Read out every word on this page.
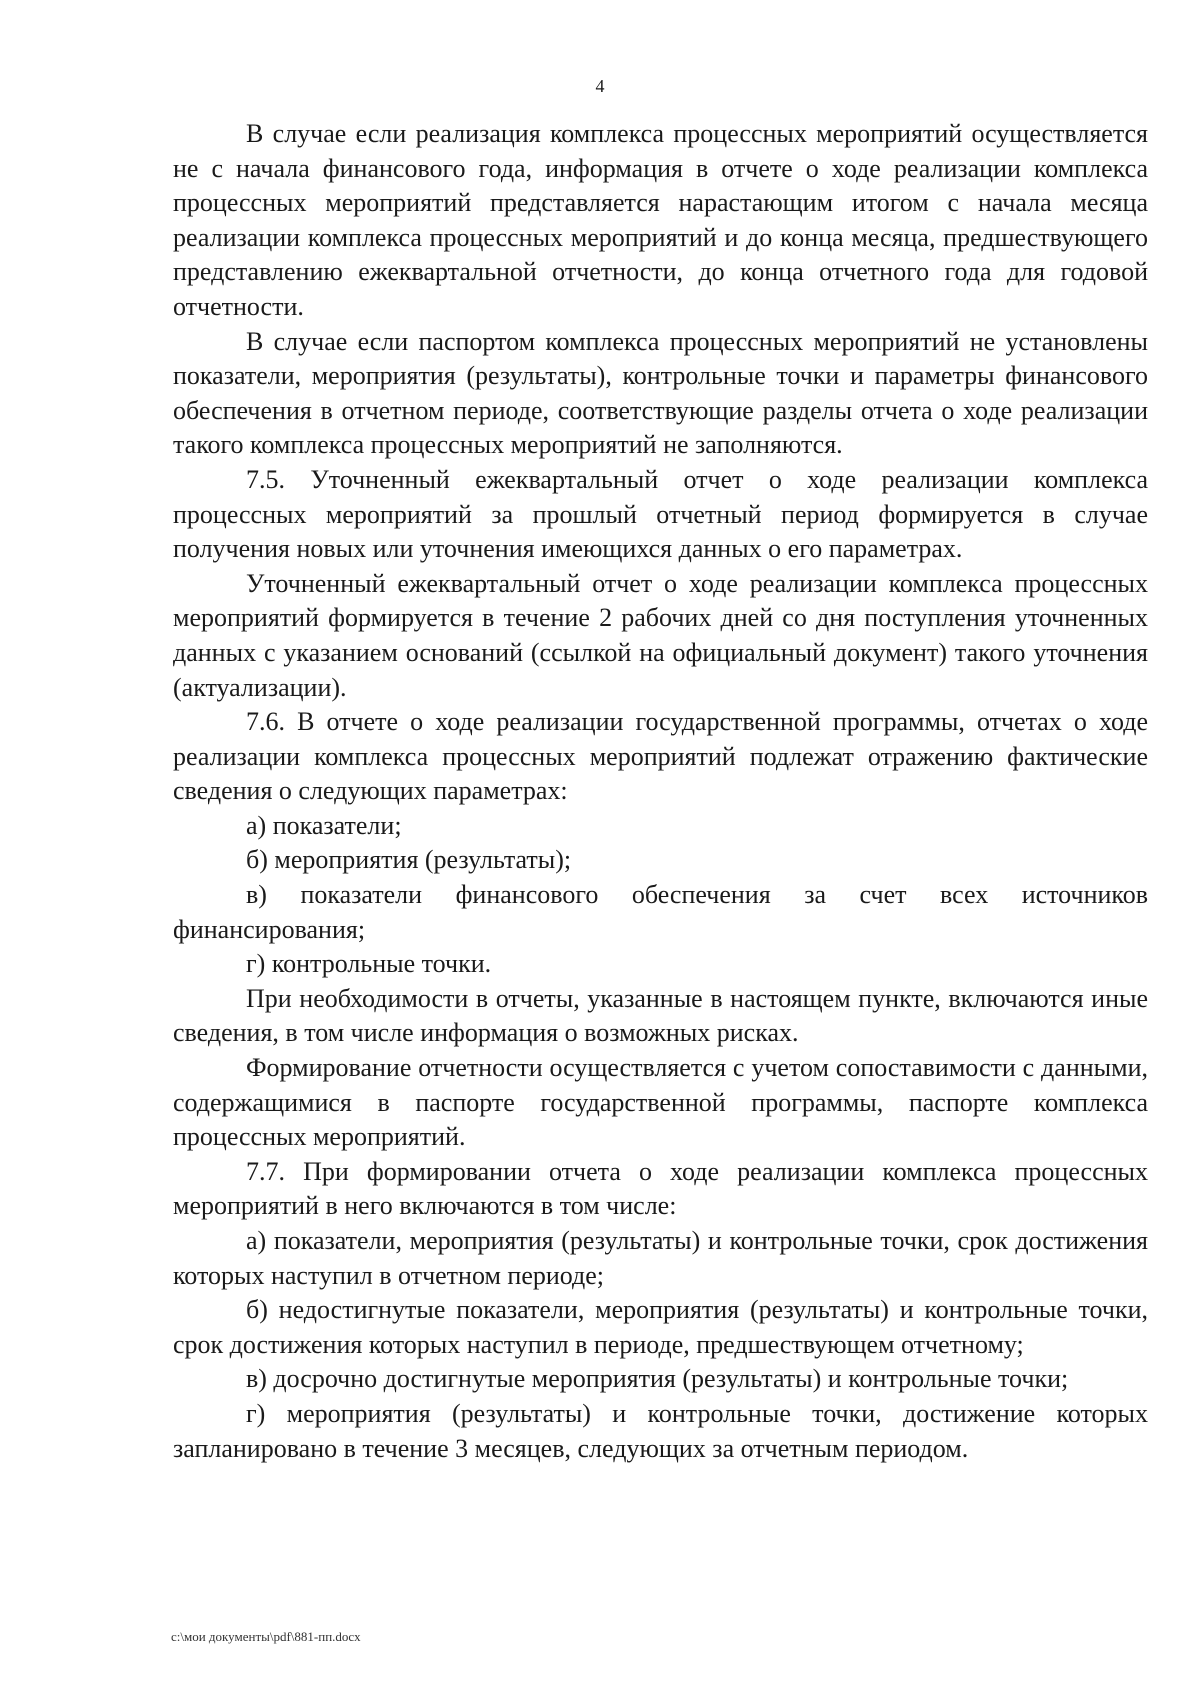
4

В случае если реализация комплекса процессных мероприятий осуществляется не с начала финансового года, информация в отчете о ходе реализации комплекса процессных мероприятий представляется нарастающим итогом с начала месяца реализации комплекса процессных мероприятий и до конца месяца, предшествующего представлению ежеквартальной отчетности, до конца отчетного года для годовой отчетности.

В случае если паспортом комплекса процессных мероприятий не установлены показатели, мероприятия (результаты), контрольные точки и параметры финансового обеспечения в отчетном периоде, соответствующие разделы отчета о ходе реализации такого комплекса процессных мероприятий не заполняются.

7.5. Уточненный ежеквартальный отчет о ходе реализации комплекса процессных мероприятий за прошлый отчетный период формируется в случае получения новых или уточнения имеющихся данных о его параметрах.

Уточненный ежеквартальный отчет о ходе реализации комплекса процессных мероприятий формируется в течение 2 рабочих дней со дня поступления уточненных данных с указанием оснований (ссылкой на официальный документ) такого уточнения (актуализации).

7.6. В отчете о ходе реализации государственной программы, отчетах о ходе реализации комплекса процессных мероприятий подлежат отражению фактические сведения о следующих параметрах:

а) показатели;

б) мероприятия (результаты);

в) показатели финансового обеспечения за счет всех источников финансирования;

г) контрольные точки.

При необходимости в отчеты, указанные в настоящем пункте, включаются иные сведения, в том числе информация о возможных рисках.

Формирование отчетности осуществляется с учетом сопоставимости с данными, содержащимися в паспорте государственной программы, паспорте комплекса процессных мероприятий.

7.7. При формировании отчета о ходе реализации комплекса процессных мероприятий в него включаются в том числе:

а) показатели, мероприятия (результаты) и контрольные точки, срок достижения которых наступил в отчетном периоде;

б) недостигнутые показатели, мероприятия (результаты) и контрольные точки, срок достижения которых наступил в периоде, предшествующем отчетному;

в) досрочно достигнутые мероприятия (результаты) и контрольные точки;

г) мероприятия (результаты) и контрольные точки, достижение которых запланировано в течение 3 месяцев, следующих за отчетным периодом.

c:\мои документы\pdf\881-пп.docx
